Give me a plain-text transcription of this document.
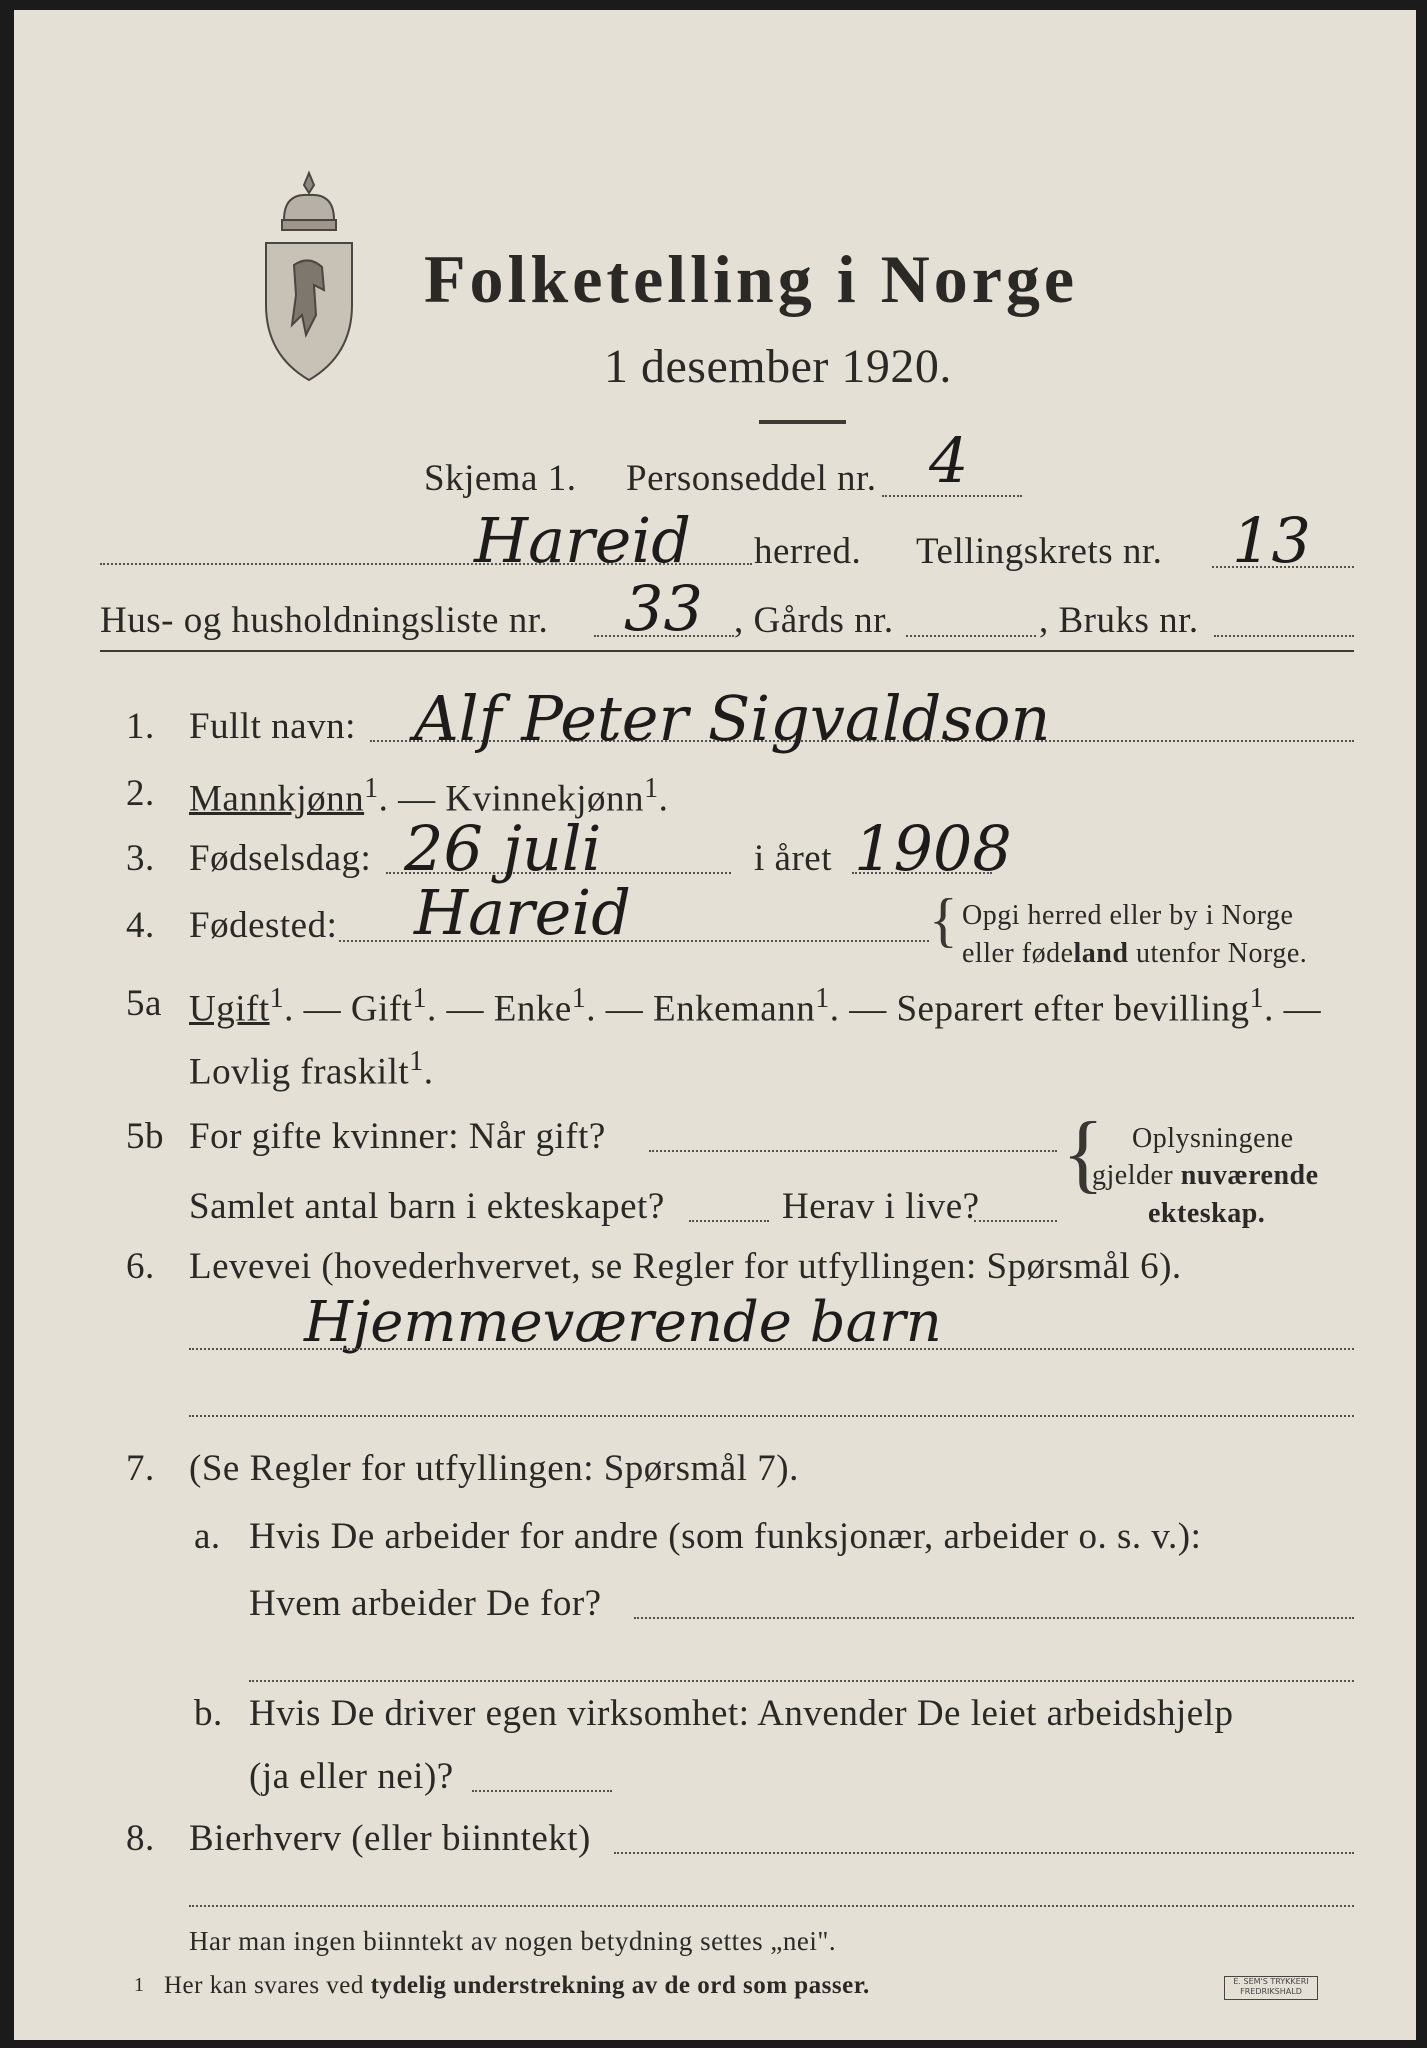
Folketelling i Norge
1 desember 1920.
Skjema 1. Personseddel nr. 4
Hareid herred. Tellingskrets nr. 13
Hus- og husholdningsliste nr. 33 , Gårds nr.	, Bruks nr.
1. Fullt navn: Alf Peter Sigvaldson
2. Mannkjønn$^1$. — Kvinnekjønn$^1$.
3. Fødselsdag: 26 juli	i året 1908
4. Fødested: Hareid	{ Opgi herred eller by i Norge
eller fødeland utenfor Norge.
5a Ugift$^1$. — Gift$^1$. — Enke$^1$. — Enkemann$^1$. — Separert efter bevilling$^1$. —
Lovlig fraskilt$^1$.
5b For gifte kvinner: Når gift?
Samlet antal barn i ekteskapet?	Herav i live?
{ Oplysningene
gjelder nuværende
ekteskap.
6. Levevei (hovederhvervet, se Regler for utfyllingen: Spørsmål 6).
Hjemmeværende barn
7. (Se Regler for utfyllingen: Spørsmål 7).
a. Hvis De arbeider for andre (som funksjonær, arbeider o. s. v.):
Hvem arbeider De for?
b. Hvis De driver egen virksomhet: Anvender De leiet arbeidshjelp
(ja eller nei)?
8. Bierhverv (eller biinntekt)
Har man ingen biinntekt av nogen betydning settes „nei".
1 Her kan svares ved tydelig understrekning av de ord som passer.	E. SEM'S TRYKKERI
FREDRIKSHALD
